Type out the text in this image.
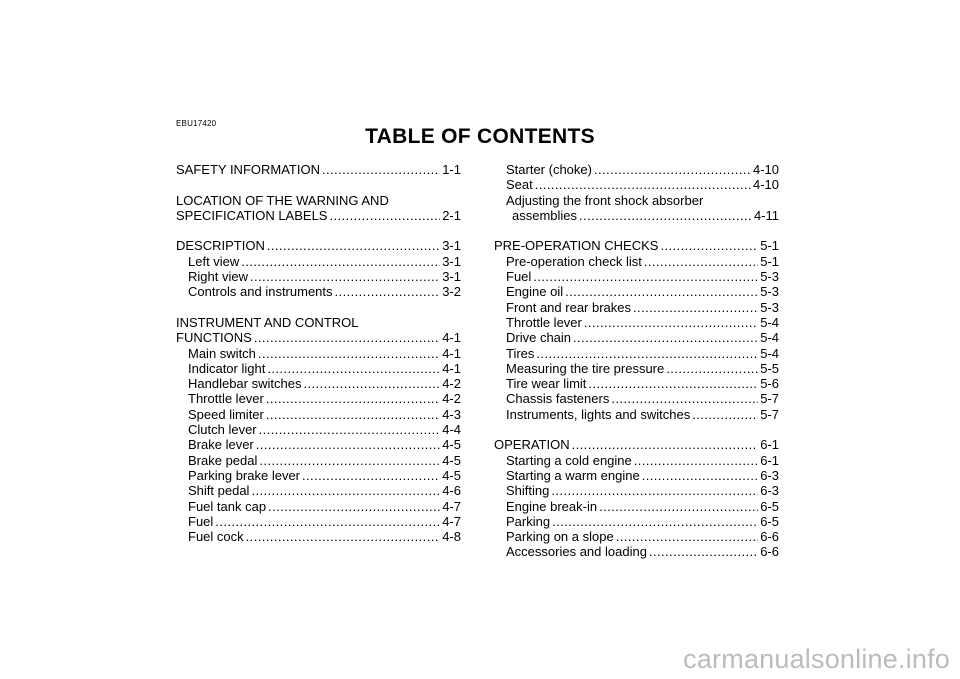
EBU17420
TABLE OF CONTENTS
SAFETY INFORMATION . . .	1-1
LOCATION OF THE WARNING AND
SPECIFICATION LABELS . . .	2-1
DESCRIPTION . . .	3-1
Left view . . .	3-1
Right view . . .	3-1
Controls and instruments . . .	3-2
INSTRUMENT AND CONTROL
FUNCTIONS . . .	4-1
Main switch . . .	4-1
Indicator light . . .	4-1
Handlebar switches . . .	4-2
Throttle lever . . .	4-2
Speed limiter . . .	4-3
Clutch lever . . .	4-4
Brake lever . . .	4-5
Brake pedal . . .	4-5
Parking brake lever . . .	4-5
Shift pedal . . .	4-6
Fuel tank cap . . .	4-7
Fuel . . .	4-7
Fuel cock . . .	4-8
Starter (choke) . . .	4-10
Seat . . .	4-10
Adjusting the front shock absorber
assemblies . . .	4-11
PRE-OPERATION CHECKS . . .	5-1
Pre-operation check list . . .	5-1
Fuel . . .	5-3
Engine oil . . .	5-3
Front and rear brakes . . .	5-3
Throttle lever . . .	5-4
Drive chain . . .	5-4
Tires . . .	5-4
Measuring the tire pressure . . .	5-5
Tire wear limit . . .	5-6
Chassis fasteners . . .	5-7
Instruments, lights and switches . . .	5-7
OPERATION . . .	6-1
Starting a cold engine . . .	6-1
Starting a warm engine . . .	6-3
Shifting . . .	6-3
Engine break-in . . .	6-5
Parking . . .	6-5
Parking on a slope . . .	6-6
Accessories and loading . . .	6-6
carmanualsonline.info
